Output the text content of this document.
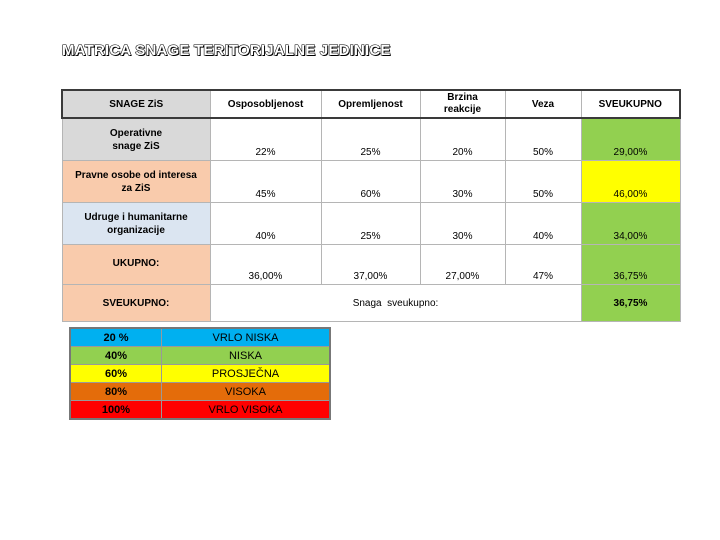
MATRICA SNAGE TERITORIJALNE JEDINICE
SNAGE ZiS	Osposobljenost	Opremljenost	Brzina
reakcije	Veza	SVEUKUPNO
Operativne
snage ZiS	22%	25%	20%	50%	29,00%
Pravne osobe od interesa
za ZiS	45%	60%	30%	50%	46,00%
Udruge i humanitarne
organizacije	40%	25%	30%	40%	34,00%
UKUPNO:	36,00%	37,00%	27,00%	47%	36,75%
SVEUKUPNO:	Snaga  sveukupno:				36,75%
20 %	VRLO NISKA
40%	NISKA
60%	PROSJEČNA
80%	VISOKA
100%	VRLO VISOKA
